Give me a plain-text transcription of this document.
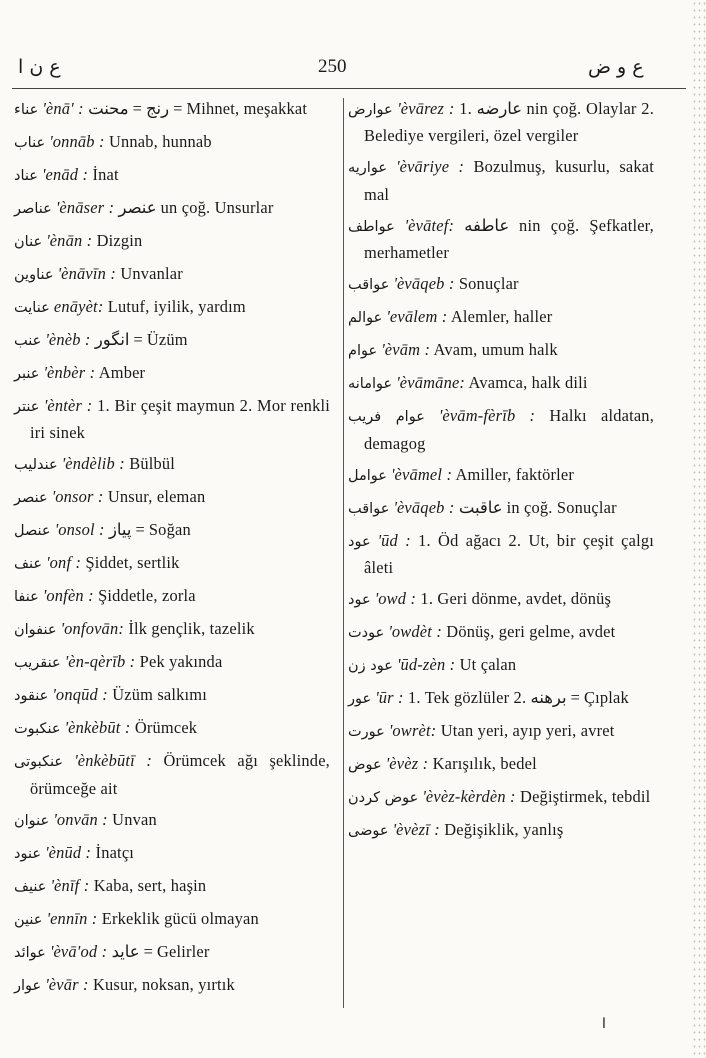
ع ن ا	250	ع و ض
عناء 'ènā' : رنج = محنت = Mihnet, meşakkat
عناب 'onnāb : Unnab, hunnab
عناد 'enād : İnat
عناصر 'ènāser : عنصر un çoğ. Unsurlar
عنان 'ènān : Dizgin
عناوين 'ènāvīn : Unvanlar
عنايت enāyèt: Lutuf, iyilik, yardım
عنب 'ènèb : انگور = Üzüm
عنبر 'ènbèr : Amber
عنتر 'èntèr : 1. Bir çeşit maymun 2. Mor renkli iri sinek
عندليب 'èndèlib : Bülbül
عنصر 'onsor : Unsur, eleman
عنصل 'onsol : پیاز = Soğan
عنف 'onf : Şiddet, sertlik
عنفا 'onfèn : Şiddetle, zorla
عنفوان 'onfovān: İlk gençlik, tazelik
عنقريب 'èn-qèrīb : Pek yakında
عنقود 'onqūd : Üzüm salkımı
عنكبوت 'ènkèbūt : Örümcek
عنكبوتى 'ènkèbūtī : Örümcek ağı şeklinde, örümceğe ait
عنوان 'onvān : Unvan
عنود 'ènūd : İnatçı
عنيف 'ènīf : Kaba, sert, haşin
عنين 'ennīn : Erkeklik gücü olmayan
عوائد 'èvā'od : عايد = Gelirler
عوار 'èvār : Kusur, noksan, yırtık
عوارض 'èvārez : 1. عارضه nin çoğ. Olaylar 2. Belediye vergileri, özel vergiler
عواريه 'èvāriye : Bozulmuş, kusurlu, sakat mal
عواطف 'èvātef: عاطفه nin çoğ. Şefkatler, merhametler
عواقب 'èvāqeb : Sonuçlar
عوالم 'evālem : Alemler, haller
عوام 'èvām : Avam, umum halk
عوامانه 'èvāmāne: Avamca, halk dili
عوام فريب 'èvām-fèrīb : Halkı aldatan, demagog
عوامل 'èvāmel : Amiller, faktörler
عواقب 'èvāqeb : عاقبت in çoğ. Sonuçlar
عود 'ūd : 1. Öd ağacı 2. Ut, bir çeşit çalgı âleti
عود 'owd : 1. Geri dönme, avdet, dönüş
عودت 'owdèt : Dönüş, geri gelme, avdet
عود زن 'ūd-zèn : Ut çalan
عور 'ūr : 1. Tek gözlüler 2. برهنه = Çıplak
عورت 'owrèt: Utan yeri, ayıp yeri, avret
عوض 'èvèz : Karışılık, bedel
عوض كردن 'èvèz-kèrdèn : Değiştirmek, tebdil
عوضى 'èvèzī : Değişiklik, yanlış
ا
